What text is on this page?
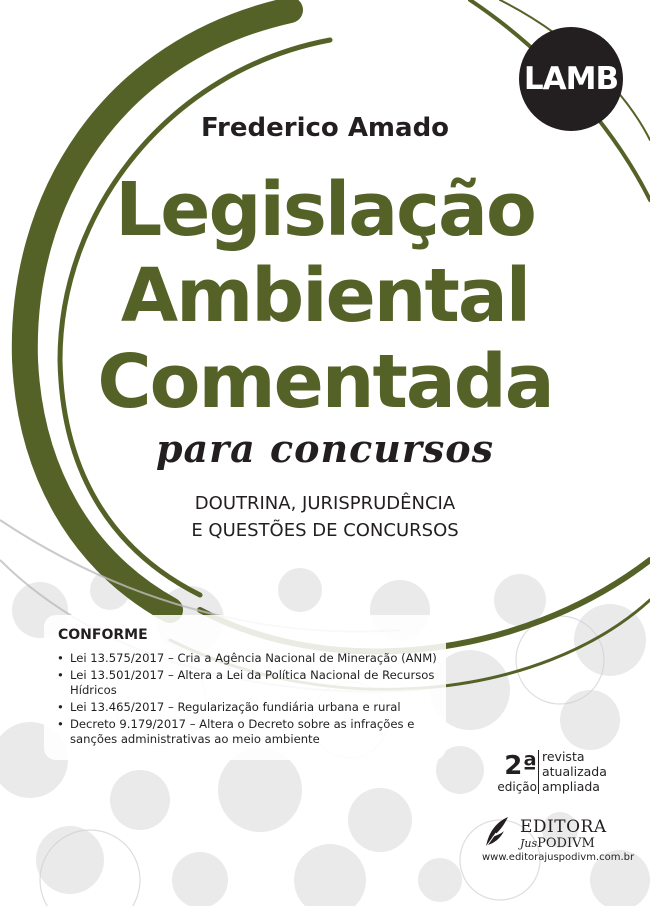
LAMB
Frederico Amado
Legislação
Ambiental
Comentada
para concursos
DOUTRINA, JURISPRUDÊNCIA
E QUESTÕES DE CONCURSOS
CONFORME
• Lei 13.575/2017 – Cria a Agência Nacional de Mineração (ANM)
• Lei 13.501/2017 – Altera a Lei da Política Nacional de Recursos Hídricos
• Lei 13.465/2017 – Regularização fundiária urbana e rural
• Decreto 9.179/2017 – Altera o Decreto sobre as infrações e sanções administrativas ao meio ambiente
2ª
edição
revista
atualizada
ampliada
EDITORA
JusPODIVM
www.editorajuspodivm.com.br
